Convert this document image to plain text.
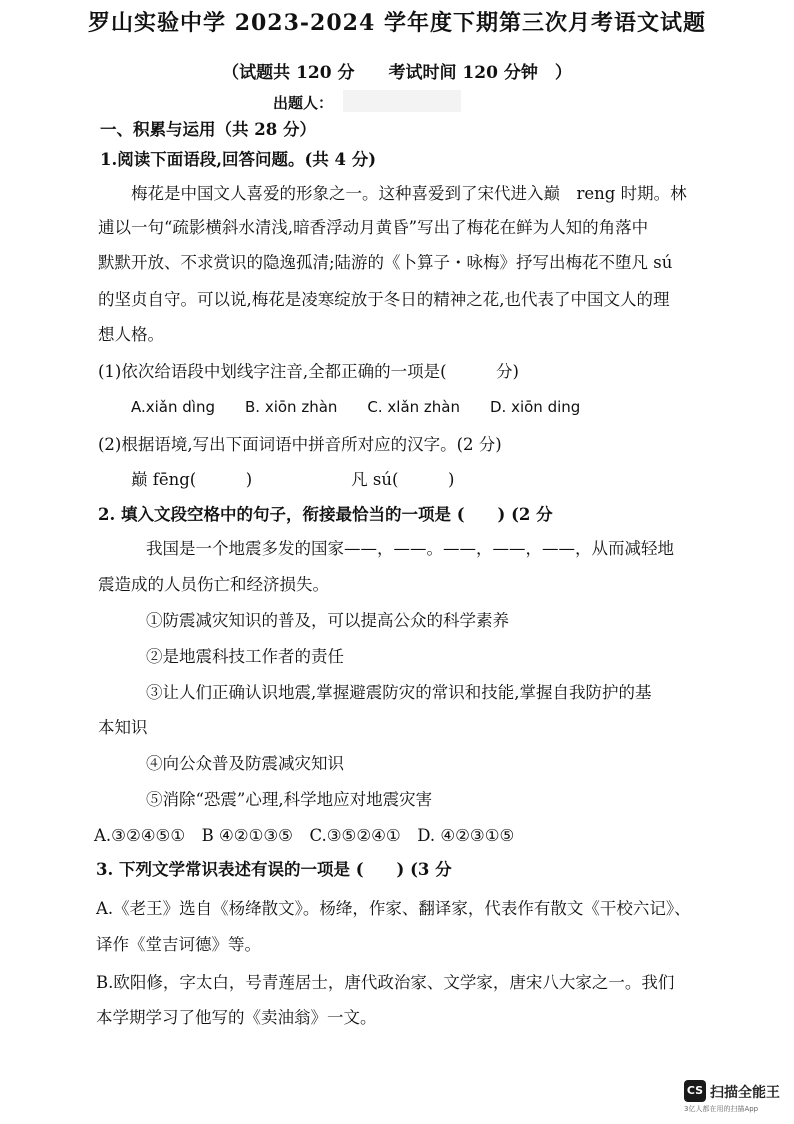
罗山实验中学 2023-2024 学年度下期第三次月考语文试题
（试题共 120 分　　考试时间 120 分钟　）
出题人：
一、积累与运用（共 28 分）
1.阅读下面语段,回答问题。(共 4 分)
梅花是中国文人喜爱的形象之一。这种喜爱到了宋代进入巅　reng 时期。林
逋以一句“疏影横斜水清浅,暗香浮动月黄昏”写出了梅花在鲜为人知的角落中
默默开放、不求赏识的隐逸孤清;陆游的《卜算子・咏梅》抒写出梅花不堕凡 sú
的坚贞自守。可以说,梅花是凌寒绽放于冬日的精神之花,也代表了中国文人的理
想人格。
(1)依次给语段中划线字注音,全都正确的一项是(　　　分)
A.xiǎn dìng　　B. xiōn zhàn　　C. xlǎn zhàn　　D. xiōn ding
(2)根据语境,写出下面词语中拼音所对应的汉字。(2 分)
巅 fēng(　　　)　　　　　　凡 sú(　　　)
2. 填入文段空格中的句子，衔接最恰当的一项是 (　　) (2 分
我国是一个地震多发的国家——，——。——，——，——，从而减轻地
震造成的人员伤亡和经济损失。
①防震减灾知识的普及，可以提高公众的科学素养
②是地震科技工作者的责任
③让人们正确认识地震,掌握避震防灾的常识和技能,掌握自我防护的基
本知识
④向公众普及防震减灾知识
⑤消除“恐震”心理,科学地应对地震灾害
A.③②④⑤①　B ④②①③⑤　C.③⑤②④①　D. ④②③①⑤
3. 下列文学常识表述有误的一项是 (　　) (3 分
A.《老王》选自《杨绛散文》。杨绛，作家、翻译家，代表作有散文《干校六记》、
译作《堂吉诃德》等。
B.欧阳修，字太白，号青莲居士，唐代政治家、文学家，唐宋八大家之一。我们
本学期学习了他写的《卖油翁》一文。
CS 扫描全能王
3亿人都在用的扫描App
